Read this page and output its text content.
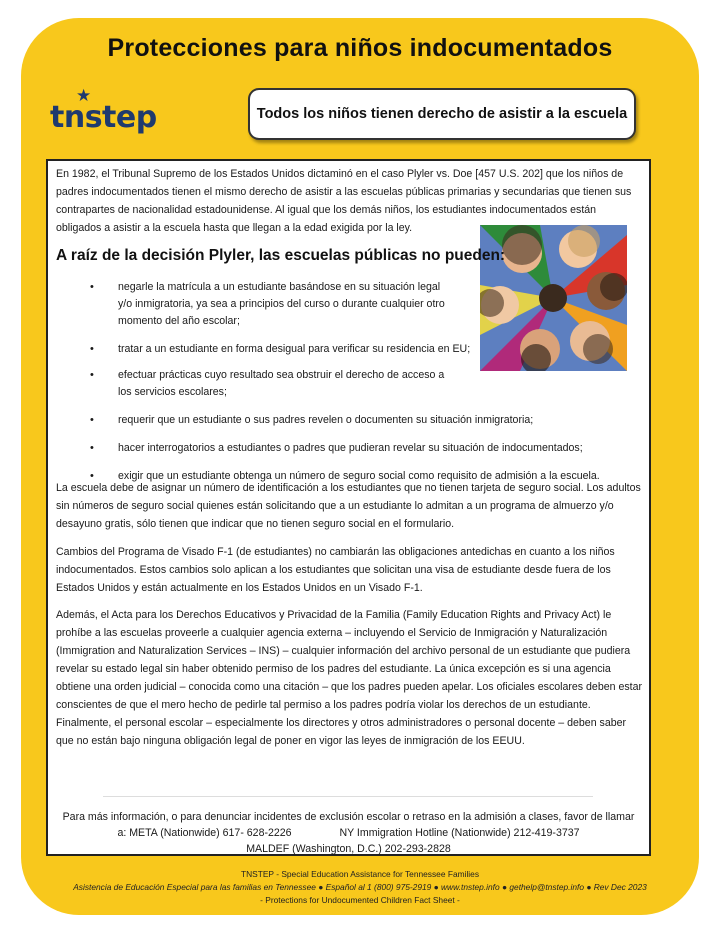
Protecciones para niños indocumentados
★
tnstep	Todos los niños tienen derecho de asistir a la escuela

En 1982, el Tribunal Supremo de los Estados Unidos dictaminó en el caso Plyler vs. Doe [457 U.S. 202] que los niños de padres indocumentados tienen el mismo derecho de asistir a las escuelas públicas primarias y secundarias que tienen sus contrapartes de nacionalidad estadounidense. Al igual que los demás niños, los estudiantes indocumentados están obligados a asistir a la escuela hasta que llegan a la edad exigida por la ley.

A raíz de la decisión Plyler, las escuelas públicas no pueden:
• negarle la matrícula a un estudiante basándose en su situación legal y/o inmigratoria, ya sea a principios del curso o durante cualquier otro momento del año escolar;
• tratar a un estudiante en forma desigual para verificar su residencia en EU;
• efectuar prácticas cuyo resultado sea obstruir el derecho de acceso a los servicios escolares;
• requerir que un estudiante o sus padres revelen o documenten su situación inmigratoria;
• hacer interrogatorios a estudiantes o padres que pudieran revelar su situación de indocumentados;
• exigir que un estudiante obtenga un número de seguro social como requisito de admisión a la escuela.

La escuela debe de asignar un número de identificación a los estudiantes que no tienen tarjeta de seguro social. Los adultos sin números de seguro social quienes están solicitando que a un estudiante lo admitan a un programa de almuerzo y/o desayuno gratis, sólo tienen que indicar que no tienen seguro social en el formulario.

Cambios del Programa de Visado F-1 (de estudiantes) no cambiarán las obligaciones antedichas en cuanto a los niños indocumentados. Estos cambios solo aplican a los estudiantes que solicitan una visa de estudiante desde fuera de los Estados Unidos y están actualmente en los Estados Unidos en un Visado F-1.

Además, el Acta para los Derechos Educativos y Privacidad de la Familia (Family Education Rights and Privacy Act) le prohíbe a las escuelas proveerle a cualquier agencia externa – incluyendo el Servicio de Inmigración y Naturalización (Immigration and Naturalization Services – INS) – cualquier información del archivo personal de un estudiante que pudiera revelar su estado legal sin haber obtenido permiso de los padres del estudiante. La única excepción es si una agencia obtiene una orden judicial – conocida como una citación – que los padres pueden apelar. Los oficiales escolares deben estar conscientes de que el mero hecho de pedirle tal permiso a los padres podría violar los derechos de un estudiante. Finalmente, el personal escolar – especialmente los directores y otros administradores o personal docente – deben saber que no están bajo ninguna obligación legal de poner en vigor las leyes de inmigración de los EEUU.

Para más información, o para denunciar incidentes de exclusión escolar o retraso en la admisión a clases, favor de llamar
a: META (Nationwide) 617- 628-2226	NY Immigration Hotline (Nationwide) 212-419-3737
MALDEF (Washington, D.C.) 202-293-2828
TNSTEP - Special Education Assistance for Tennessee Families
Asistencia de Educación Especial para las familias en Tennessee ● Español al 1 (800) 975-2919 ● www.tnstep.info ● gethelp@tnstep.info ● Rev Dec 2023
- Protections for Undocumented Children Fact Sheet -
